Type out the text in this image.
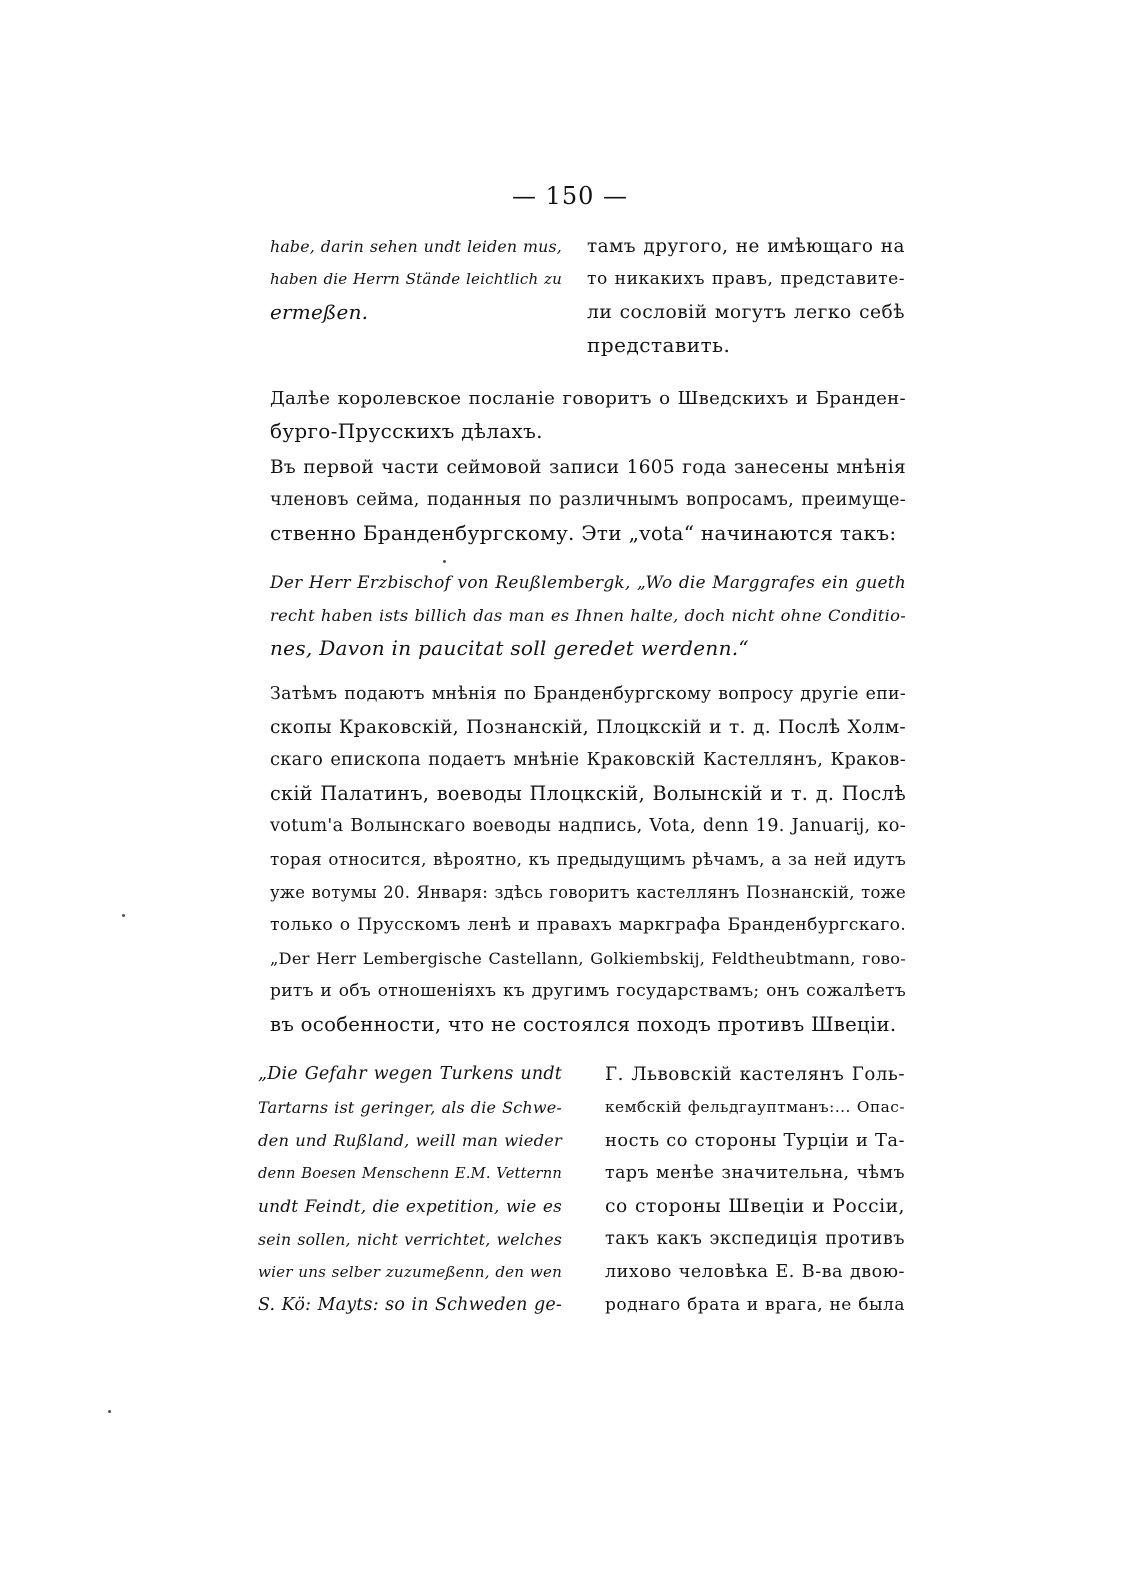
— 150 —
habe, darin sehen undt leiden mus,
haben die Herrn Stände leichtlich zu
ermeßen.
тамъ другого, не имѣющаго на
то никакихъ правъ, представите-
ли сословій могутъ легко себѣ
представить.
Далѣе королевское посланіе говоритъ о Шведскихъ и Бранден-
бурго-Прусскихъ дѣлахъ.
Въ первой части сеймовой записи 1605 года занесены мнѣнія
членовъ сейма, поданныя по различнымъ вопросамъ, преимуще-
ственно Бранденбургскому. Эти „vota“ начинаются такъ:
Der Herr Erzbischof von Reußlembergk, „Wo die Marggrafes ein gueth
recht haben ists billich das man es Ihnen halte, doch nicht ohne Conditio-
nes, Davon in paucitat soll geredet werdenn.“
Затѣмъ подаютъ мнѣнія по Бранденбургскому вопросу другіе епи-
скопы Краковскій, Познанскій, Плоцкскій и т. д. Послѣ Холм-
скаго епископа подаетъ мнѣніе Краковскій Кастеллянъ, Краков-
скій Палатинъ, воеводы Плоцкскій, Волынскій и т. д. Послѣ
votum'а Волынскаго воеводы надпись, Vota, denn 19. Januarij, ко-
торая относится, вѣроятно, къ предыдущимъ рѣчамъ, а за ней идутъ
уже вотумы 20. Января: здѣсь говоритъ кастеллянъ Познанскій, тоже
только о Прусскомъ ленѣ и правахъ маркграфа Бранденбургскаго.
„Der Herr Lembergische Castellann, Golkiembskij, Feldtheubtmann, гово-
ритъ и объ отношеніяхъ къ другимъ государствамъ; онъ сожалѣетъ
въ особенности, что не состоялся походъ противъ Швеціи.
„Die Gefahr wegen Turkens undt
Tartarns ist geringer, als die Schwe-
den und Rußland, weill man wieder
denn Boesen Menschenn E.M. Vetternn
undt Feindt, die expetition, wie es
sein sollen, nicht verrichtet, welches
wier uns selber zuzumeßenn, den wen
S. Kö: Mayts: so in Schweden ge-
Г. Львовскій кастелянъ Голь-
кембскій фельдгауптманъ:... Опас-
ность со стороны Турціи и Та-
таръ менѣе значительна, чѣмъ
со стороны Швеціи и Россіи,
такъ какъ экспедиція противъ
лихово человѣка Е. В-ва двою-
роднаго брата и врага, не была
